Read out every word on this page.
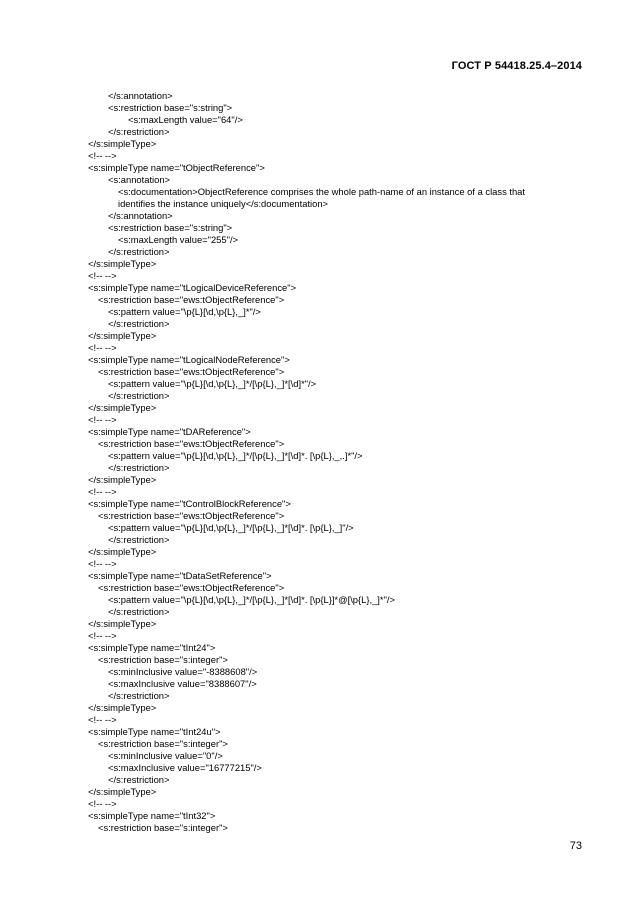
ГОСТ Р 54418.25.4–2014
</s:annotation>
<s:restriction base="s:string">
<s:maxLength value="64"/>
</s:restriction>
</s:simpleType>
<!-- -->
<s:simpleType name="tObjectReference">
<s:annotation>
<s:documentation>ObjectReference comprises the whole path-name of an instance of a class that identifies the instance uniquely</s:documentation>
</s:annotation>
<s:restriction base="s:string">
<s:maxLength value="255"/>
</s:restriction>
</s:simpleType>
<!-- -->
<s:simpleType name="tLogicalDeviceReference">
<s:restriction base="ews:tObjectReference">
<s:pattern value="\p{L}[\d,\p{L},_]*"/>
</s:restriction>
</s:simpleType>
<!-- -->
<s:simpleType name="tLogicalNodeReference">
<s:restriction base="ews:tObjectReference">
<s:pattern value="\p{L}[\d,\p{L},_]*/[\p{L},_]*[\d]*"/>
</s:restriction>
</s:simpleType>
<!-- -->
<s:simpleType name="tDAReference">
<s:restriction base="ews:tObjectReference">
<s:pattern value="\p{L}[\d,\p{L},_]*/[\p{L},_]*[\d]*. [\p{L},_,.]*"/>
</s:restriction>
</s:simpleType>
<!-- -->
<s:simpleType name="tControlBlockReference">
<s:restriction base="ews:tObjectReference">
<s:pattern value="\p{L}[\d,\p{L},_]*/[\p{L},_]*[\d]*. [\p{L},_]"/>
</s:restriction>
</s:simpleType>
<!-- -->
<s:simpleType name="tDataSetReference">
<s:restriction base="ews:tObjectReference">
<s:pattern value="\p{L}[\d,\p{L},_]*/[\p{L},_]*[\d]*. [\p{L}]*@[\p{L},_]*"/>
</s:restriction>
</s:simpleType>
<!-- -->
<s:simpleType name="tInt24">
<s:restriction base="s:integer">
<s:minInclusive value="-8388608"/>
<s:maxInclusive value="8388607"/>
</s:restriction>
</s:simpleType>
<!-- -->
<s:simpleType name="tInt24u">
<s:restriction base="s:integer">
<s:minInclusive value="0"/>
<s:maxInclusive value="16777215"/>
</s:restriction>
</s:simpleType>
<!-- -->
<s:simpleType name="tInt32">
<s:restriction base="s:integer">
73
